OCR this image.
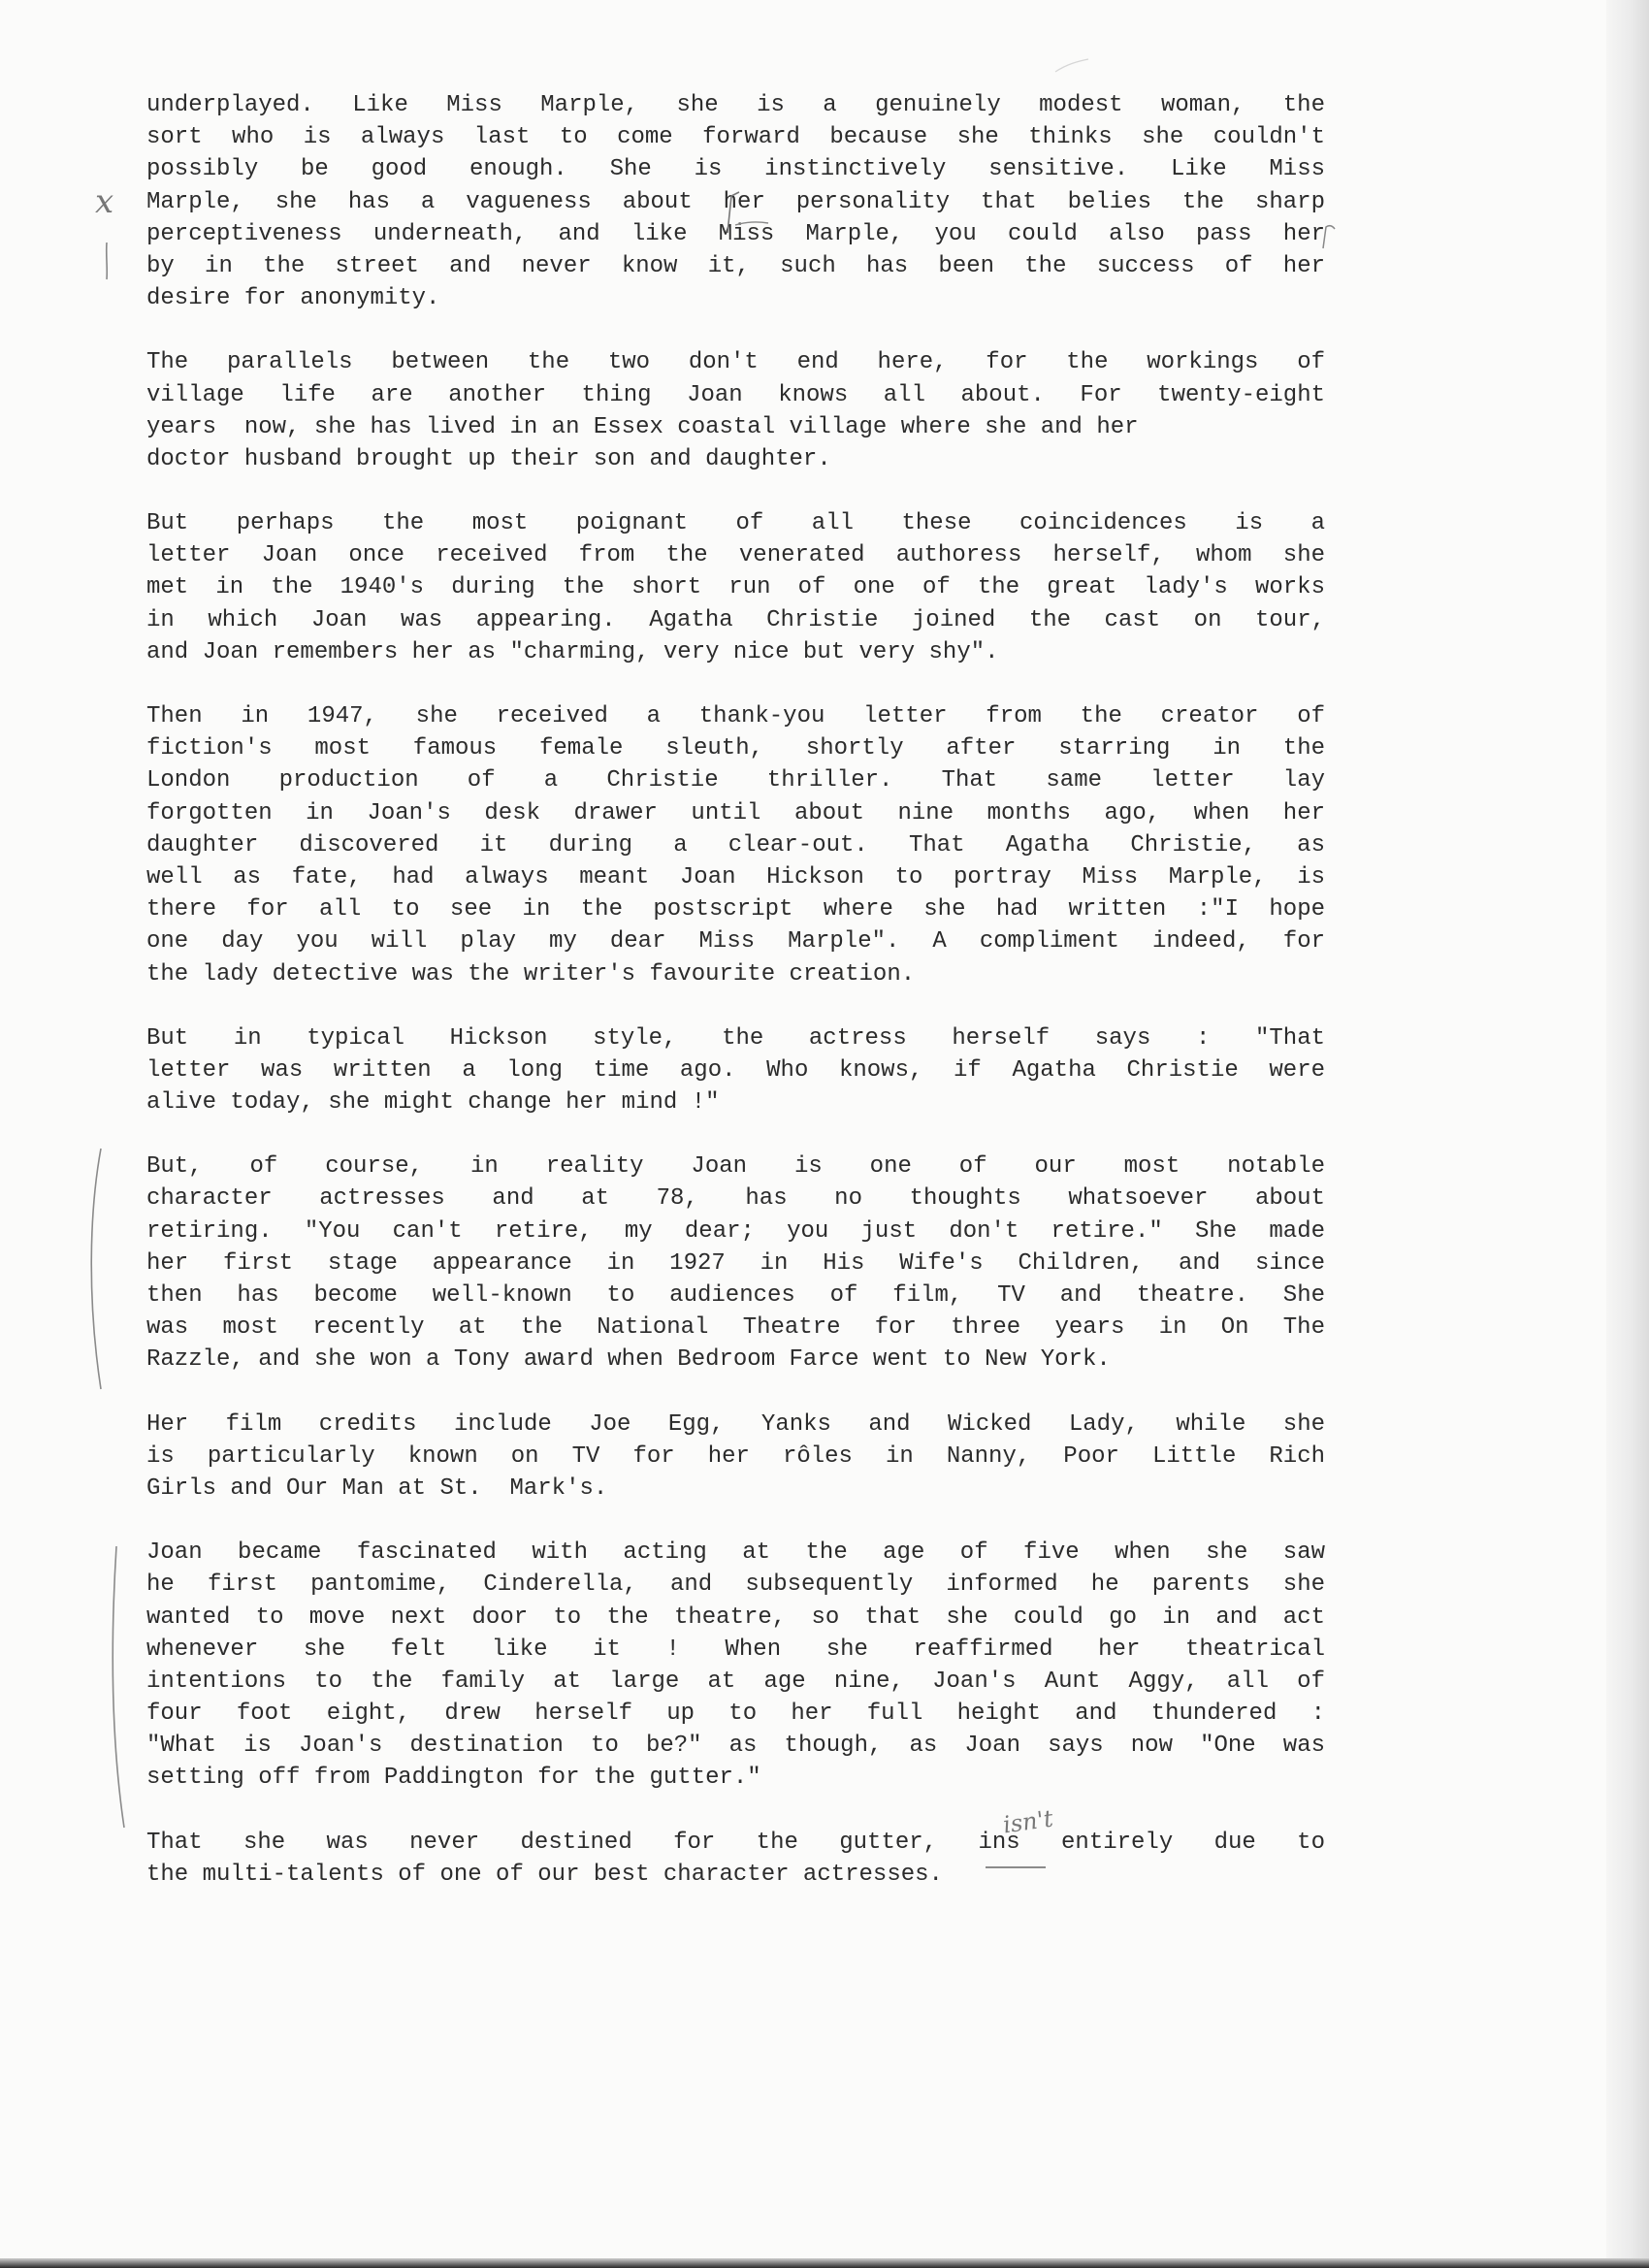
underplayed. Like Miss Marple, she is a genuinely modest woman, the
sort who is always last to come forward because she thinks she couldn't
possibly be good enough. She is instinctively sensitive. Like Miss
Marple, she has a vagueness about her personality that belies the sharp
perceptiveness underneath, and like Miss Marple, you could also pass her
by in the street and never know it, such has been the success of her
desire for anonymity.
The parallels between the two don't end here, for the workings of
village life are another thing Joan knows all about. For twenty-eight
years  now, she has lived in an Essex coastal village where she and her
doctor husband brought up their son and daughter.
But perhaps the most poignant of all these coincidences is a
letter Joan once received from the venerated authoress herself, whom she
met in the 1940's during the short run of one of the great lady's works
in which Joan was appearing. Agatha Christie joined the cast on tour,
and Joan remembers her as "charming, very nice but very shy".
Then in 1947, she received a thank-you letter from the creator of
fiction's most famous female sleuth, shortly after starring in the
London production of a Christie thriller. That same letter lay
forgotten in Joan's desk drawer until about nine months ago, when her
daughter discovered it during a clear-out. That Agatha Christie, as
well as fate, had always meant Joan Hickson to portray Miss Marple, is
there for all to see in the postscript where she had written :"I hope
one day you will play my dear Miss Marple". A compliment indeed, for
the lady detective was the writer's favourite creation.
But in typical Hickson style, the actress herself says : "That
letter was written a long time ago. Who knows, if Agatha Christie were
alive today, she might change her mind !"
But, of course, in reality Joan is one of our most notable
character actresses and at 78, has no thoughts whatsoever about
retiring. "You can't retire, my dear; you just don't retire." She made
her first stage appearance in 1927 in His Wife's Children, and since
then has become well-known to audiences of film, TV and theatre. She
was most recently at the National Theatre for three years in On The
Razzle, and she won a Tony award when Bedroom Farce went to New York.
Her film credits include Joe Egg, Yanks and Wicked Lady, while she
is particularly known on TV for her rôles in Nanny, Poor Little Rich
Girls and Our Man at St.  Mark's.
Joan became fascinated with acting at the age of five when she saw
he first pantomime, Cinderella, and subsequently informed he parents she
wanted to move next door to the theatre, so that she could go in and act
whenever she felt like it ! When she reaffirmed her theatrical
intentions to the family at large at age nine, Joan's Aunt Aggy, all of
four foot eight, drew herself up to her full height and thundered :
"What is Joan's destination to be?" as though, as Joan says now "One was
setting off from Paddington for the gutter."
That she was never destined for the gutter, ins entirely due to
the multi-talents of one of our best character actresses.
x
isn't
